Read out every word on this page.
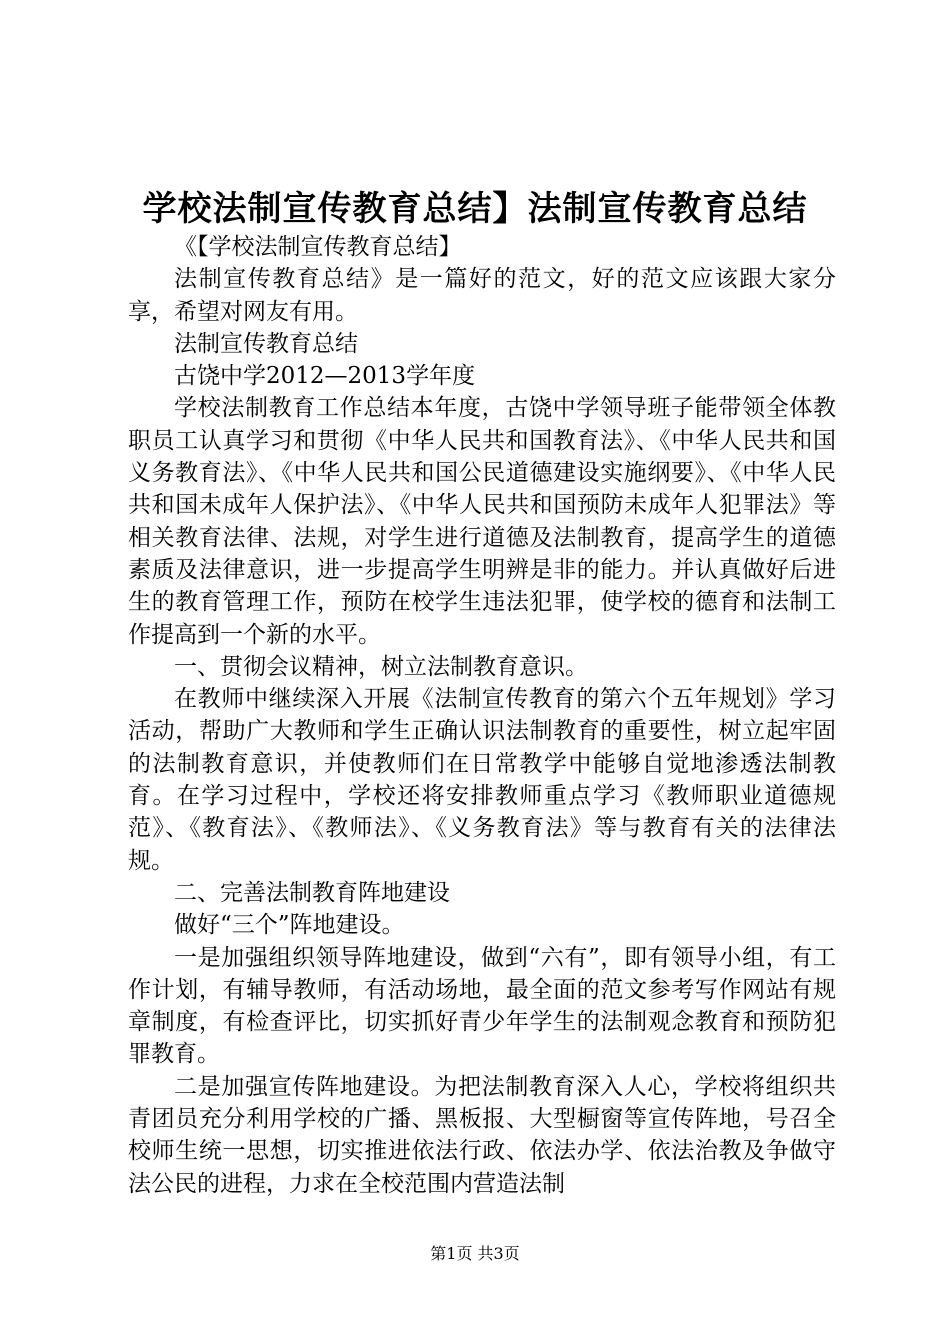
学校法制宣传教育总结】法制宣传教育总结

《【学校法制宣传教育总结】

法制宣传教育总结》是一篇好的范文，好的范文应该跟大家分享，希望对网友有用。

法制宣传教育总结

古饶中学2012—2013学年度

学校法制教育工作总结本年度，古饶中学领导班子能带领全体教职员工认真学习和贯彻《中华人民共和国教育法》、《中华人民共和国义务教育法》、《中华人民共和国公民道德建设实施纲要》、《中华人民共和国未成年人保护法》、《中华人民共和国预防未成年人犯罪法》等相关教育法律、法规，对学生进行道德及法制教育，提高学生的道德素质及法律意识，进一步提高学生明辨是非的能力。并认真做好后进生的教育管理工作，预防在校学生违法犯罪，使学校的德育和法制工作提高到一个新的水平。

一、贯彻会议精神，树立法制教育意识。

在教师中继续深入开展《法制宣传教育的第六个五年规划》学习活动，帮助广大教师和学生正确认识法制教育的重要性，树立起牢固的法制教育意识，并使教师们在日常教学中能够自觉地渗透法制教育。在学习过程中，学校还将安排教师重点学习《教师职业道德规范》、《教育法》、《教师法》、《义务教育法》等与教育有关的法律法规。

二、完善法制教育阵地建设

做好“三个”阵地建设。

一是加强组织领导阵地建设，做到“六有”，即有领导小组，有工作计划，有辅导教师，有活动场地，最全面的范文参考写作网站有规章制度，有检查评比，切实抓好青少年学生的法制观念教育和预防犯罪教育。

二是加强宣传阵地建设。为把法制教育深入人心，学校将组织共青团员充分利用学校的广播、黑板报、大型橱窗等宣传阵地，号召全校师生统一思想，切实推进依法行政、依法办学、依法治教及争做守法公民的进程，力求在全校范围内营造法制

第1页 共3页
